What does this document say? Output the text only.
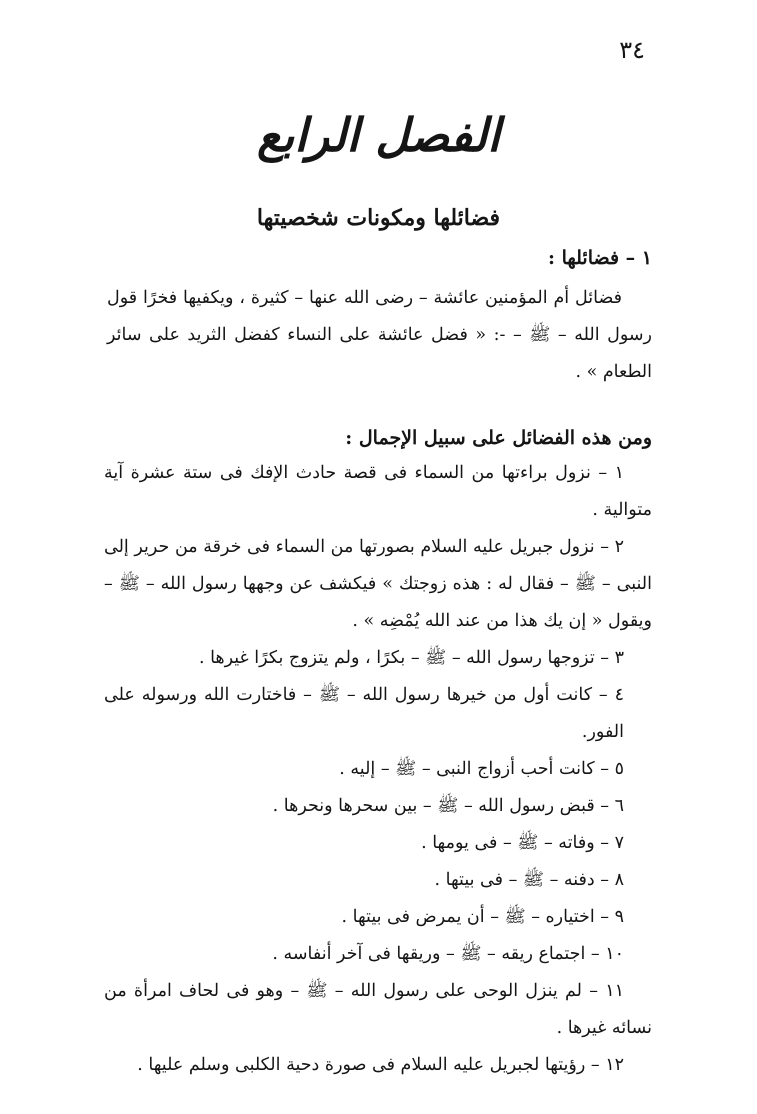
٣٤
الفصل الرابع
فضائلها ومكونات شخصيتها
١ – فضائلها :
فضائل أم المؤمنين عائشة – رضى الله عنها – كثيرة ، ويكفيها فخرًا قول رسول الله – ﷺ – -: « فضل عائشة على النساء كفضل الثريد على سائر الطعام » .
ومن هذه الفضائل على سبيل الإجمال :
١ – نزول براءتها من السماء فى قصة حادث الإفك فى ستة عشرة آية متوالية .
٢ – نزول جبريل عليه السلام بصورتها من السماء فى خرقة من حرير إلى النبى – ﷺ – فقال له : هذه زوجتك » فيكشف عن وجهها رسول الله – ﷺ – ويقول « إن يك هذا من عند الله يُمْضِه » .
٣ – تزوجها رسول الله – ﷺ – بكرًا ، ولم يتزوج بكرًا غيرها .
٤ – كانت أول من خيرها رسول الله – ﷺ – فاختارت الله ورسوله على الفور.
٥ – كانت أحب أزواج النبى – ﷺ – إليه .
٦ – قبض رسول الله – ﷺ – بين سحرها ونحرها .
٧ – وفاته – ﷺ – فى يومها .
٨ – دفنه – ﷺ – فى بيتها .
٩ – اختياره – ﷺ – أن يمرض فى بيتها .
١٠ – اجتماع ريقه – ﷺ – وريقها فى آخر أنفاسه .
١١ – لم ينزل الوحى على رسول الله – ﷺ – وهو فى لحاف امرأة من نسائه غيرها .
١٢ – رؤيتها لجبريل عليه السلام فى صورة دحية الكلبى وسلم عليها .
